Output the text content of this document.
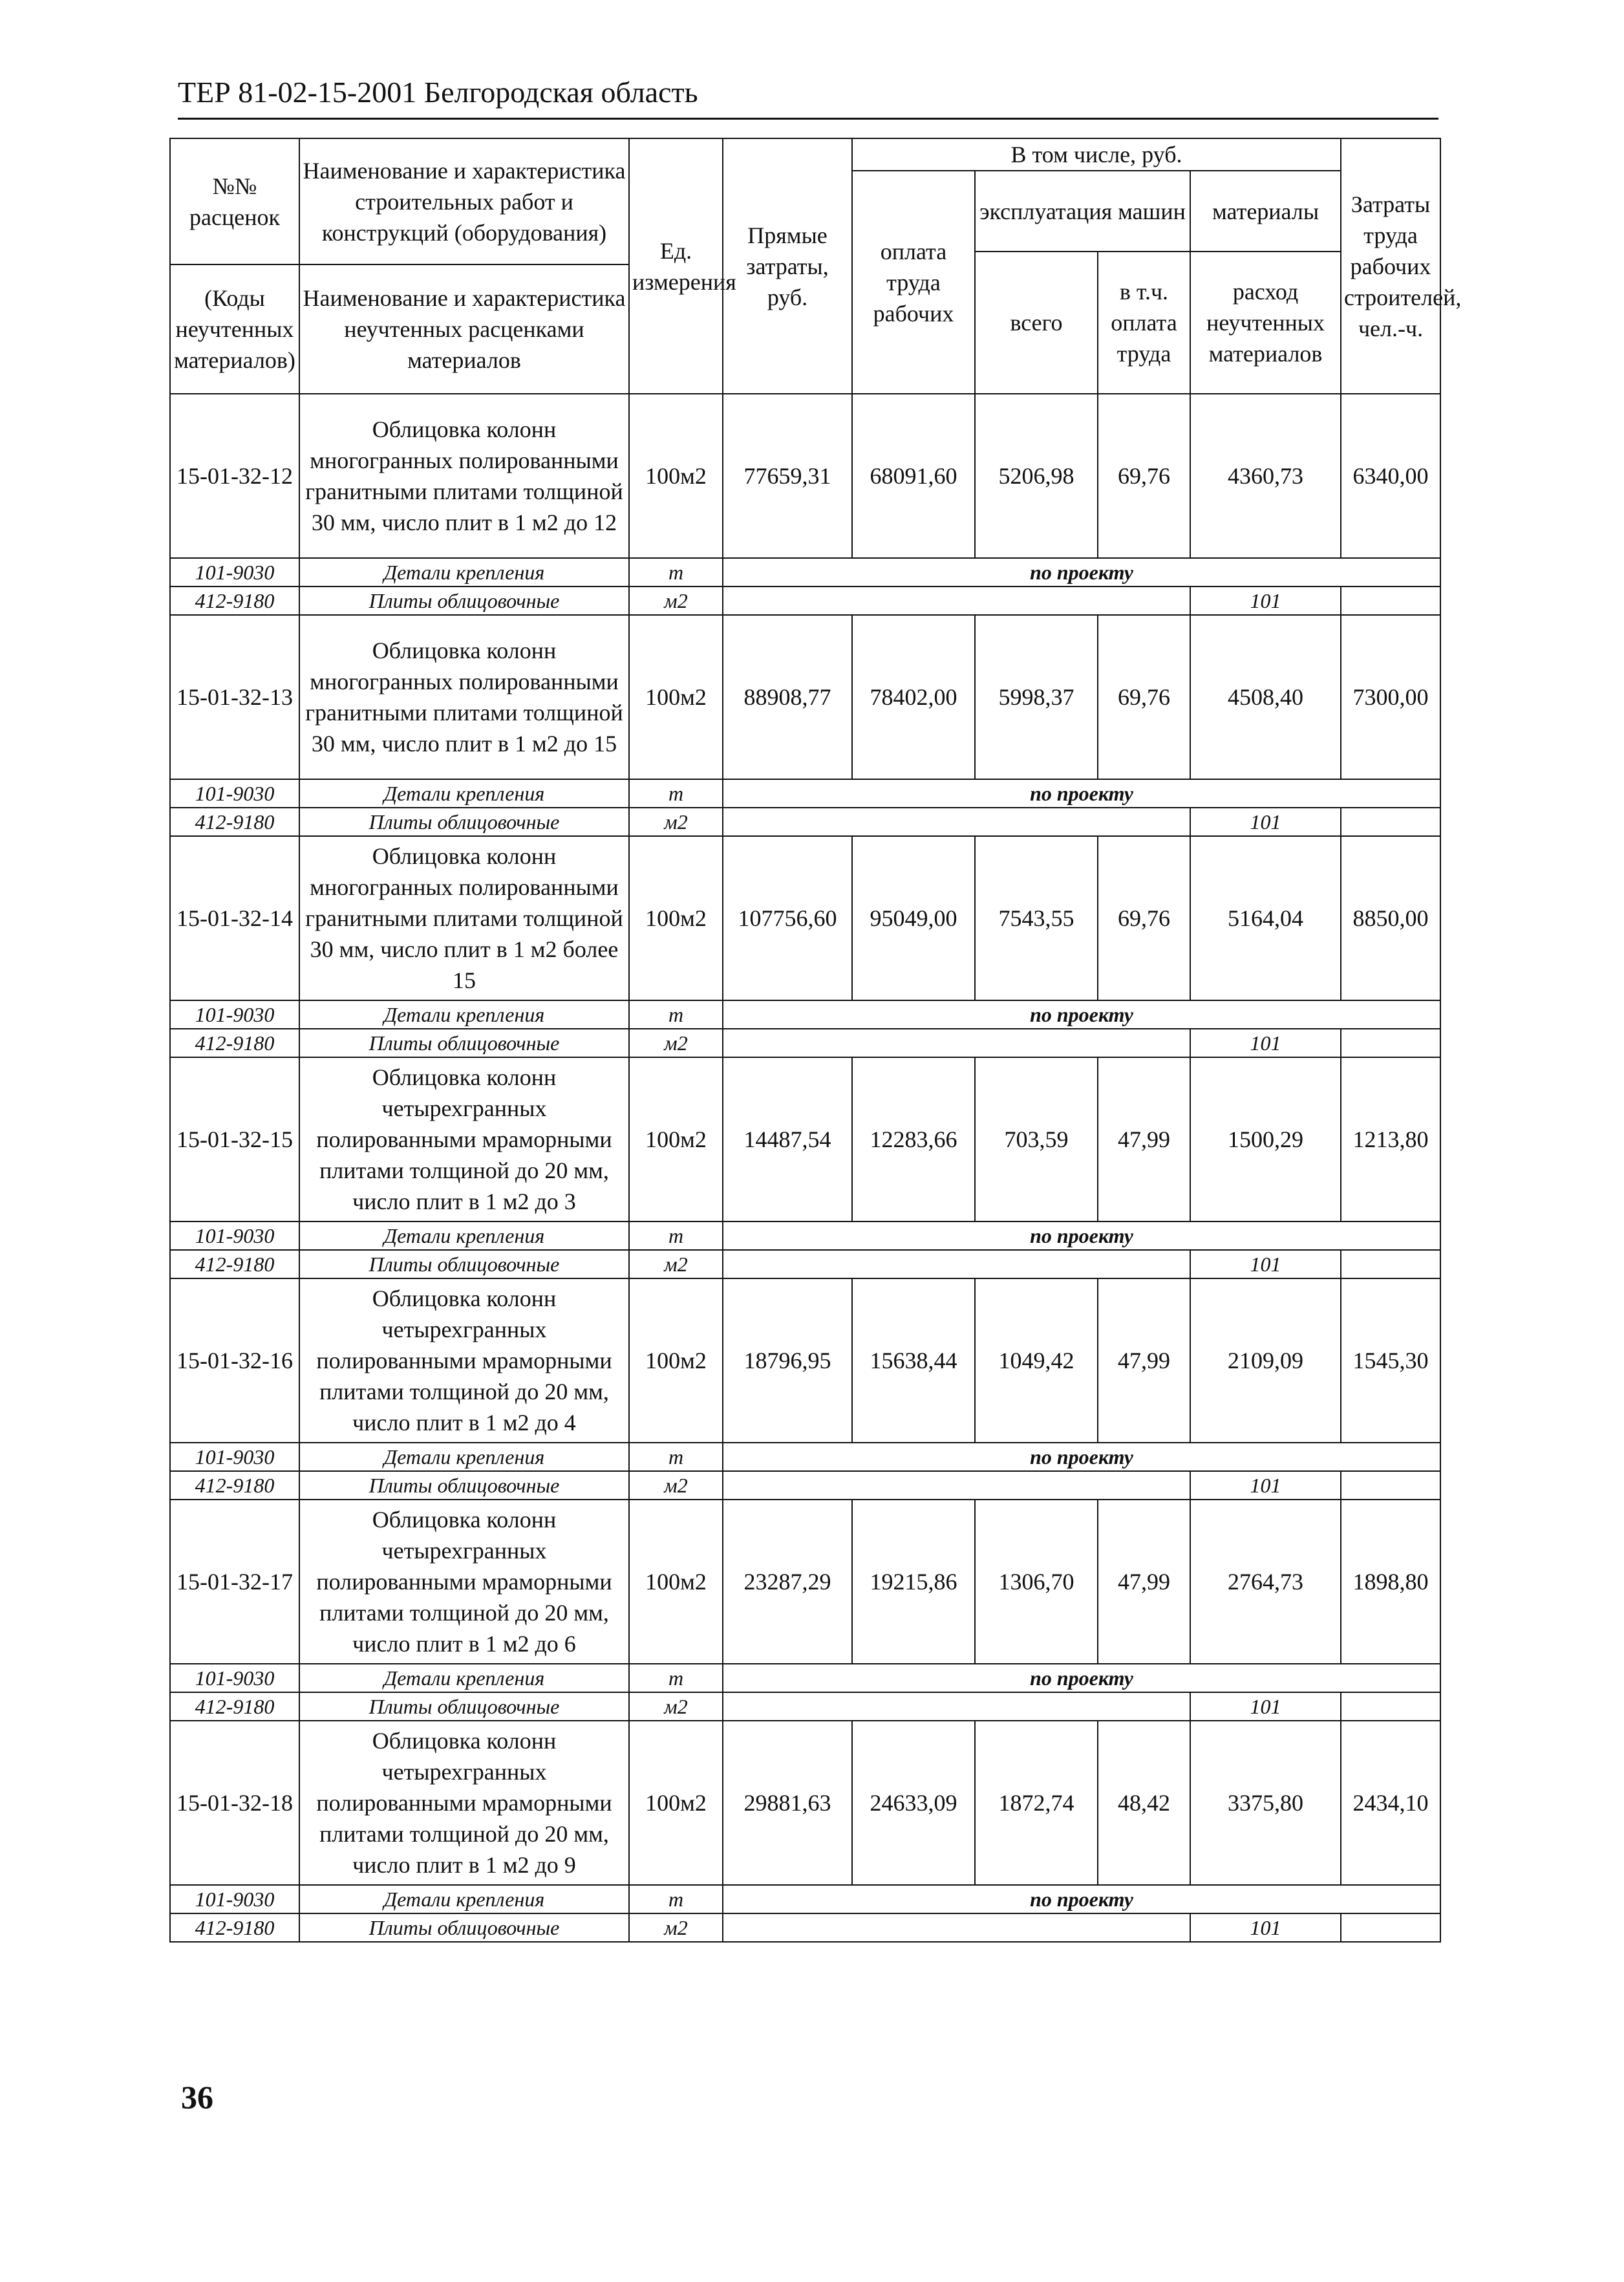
ТЕР 81-02-15-2001 Белгородская область
№№ расценок	Наименование и характеристика строительных работ и конструкций (оборудования)	Ед. измерения	Прямые затраты, руб.	В том числе, руб.				Затраты труда рабочих строителей, чел.-ч.
				оплата труда рабочих	эксплуатация машин		материалы	
					всего	в т.ч. оплата труда	расход неучтенных материалов	
(Коды неучтенных материалов)	Наименование и характеристика неучтенных расценками материалов							

15-01-32-12	Облицовка колонн многогранных полированными гранитными плитами толщиной 30 мм, число плит в 1 м2 до 12	100м2	77659,31	68091,60	5206,98	69,76	4360,73	6340,00
101-9030	Детали крепления	т	по проекту					
412-9180	Плиты облицовочные	м2					101	
15-01-32-13	Облицовка колонн многогранных полированными гранитными плитами толщиной 30 мм, число плит в 1 м2 до 15	100м2	88908,77	78402,00	5998,37	69,76	4508,40	7300,00
101-9030	Детали крепления	т	по проекту					
412-9180	Плиты облицовочные	м2					101	
15-01-32-14	Облицовка колонн многогранных полированными гранитными плитами толщиной 30 мм, число плит в 1 м2 более 15	100м2	107756,60	95049,00	7543,55	69,76	5164,04	8850,00
101-9030	Детали крепления	т	по проекту					
412-9180	Плиты облицовочные	м2					101	
15-01-32-15	Облицовка колонн четырехгранных полированными мраморными плитами толщиной до 20 мм, число плит в 1 м2 до 3	100м2	14487,54	12283,66	703,59	47,99	1500,29	1213,80
101-9030	Детали крепления	т	по проекту					
412-9180	Плиты облицовочные	м2					101	
15-01-32-16	Облицовка колонн четырехгранных полированными мраморными плитами толщиной до 20 мм, число плит в 1 м2 до 4	100м2	18796,95	15638,44	1049,42	47,99	2109,09	1545,30
101-9030	Детали крепления	т	по проекту					
412-9180	Плиты облицовочные	м2					101	
15-01-32-17	Облицовка колонн четырехгранных полированными мраморными плитами толщиной до 20 мм, число плит в 1 м2 до 6	100м2	23287,29	19215,86	1306,70	47,99	2764,73	1898,80
101-9030	Детали крепления	т	по проекту					
412-9180	Плиты облицовочные	м2					101	
15-01-32-18	Облицовка колонн четырехгранных полированными мраморными плитами толщиной до 20 мм, число плит в 1 м2 до 9	100м2	29881,63	24633,09	1872,74	48,42	3375,80	2434,10
101-9030	Детали крепления	т	по проекту					
412-9180	Плиты облицовочные	м2					101	
36
